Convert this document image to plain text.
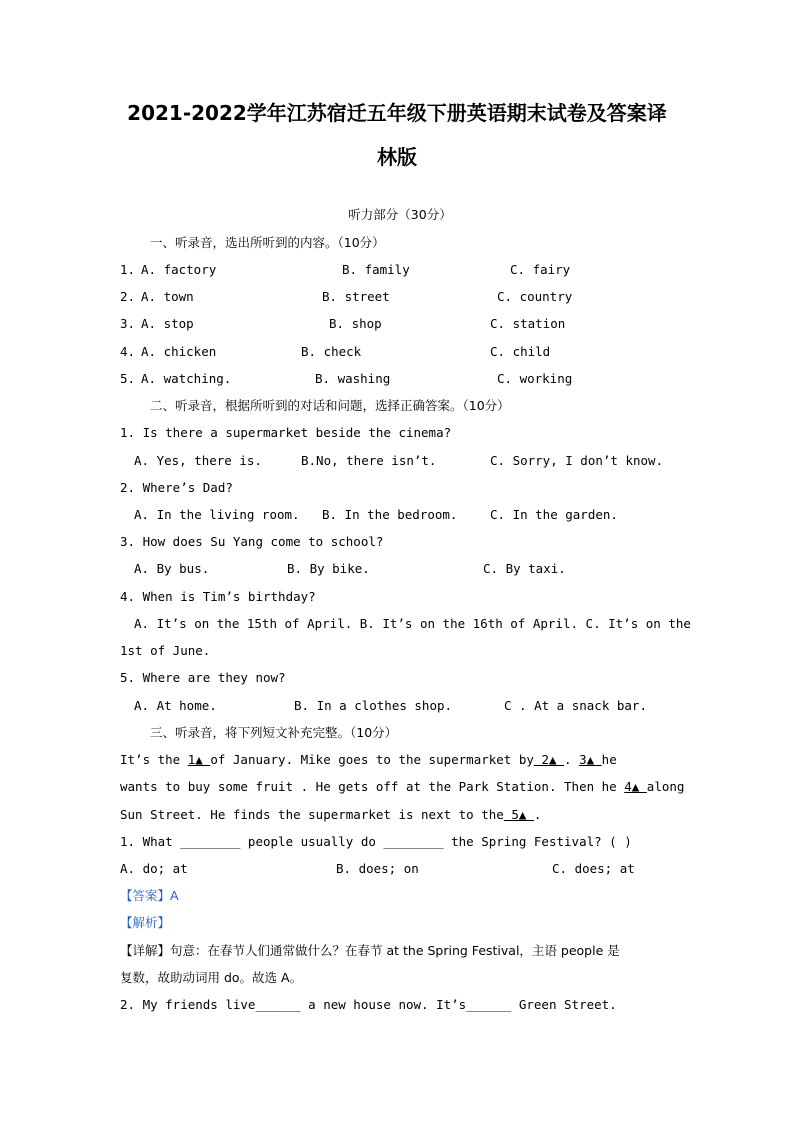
2021-2022学年江苏宿迁五年级下册英语期末试卷及答案译
林版
听力部分（30分）
一、听录音，选出所听到的内容。（10分）
1. A. factory	B. family	C. fairy
2. A. town	B. street	C. country
3. A. stop	B. shop	C. station
4. A. chicken	B. check	C. child
5. A. watching.	B. washing	C. working
二、听录音，根据所听到的对话和问题，选择正确答案。（10分）
1. Is there a supermarket beside the cinema?
A. Yes, there is.	B.No, there isn’t.	C. Sorry, I don’t know.
2. Where’s Dad?
A. In the living room. B. In the bedroom.	C. In the garden.
3. How does Su Yang come to school?
A. By bus.	B. By bike.	C. By taxi.
4. When is Tim’s birthday?
A. It’s on the 15th of April. B. It’s on the 16th of April. C. It’s on the
1st of June.
5. Where are they now?
A. At home.	B. In a clothes shop.	C . At a snack bar.
三、听录音，将下列短文补充完整。（10分）
It’s the 1▲ of January. Mike goes to the supermarket by 2▲ . 3▲ he
wants to buy some fruit . He gets off at the Park Station. Then he 4▲ along
Sun Street. He finds the supermarket is next to the 5▲ .
1. What ________ people usually do ________ the Spring Festival? ( )
A. do; at	B. does; on	C. does; at
【答案】A
【解析】
【详解】句意：在春节人们通常做什么？在春节 at the Spring Festival，主语 people 是
复数，故助动词用 do。故选 A。
2. My friends live______ a new house now. It’s______ Green Street.
